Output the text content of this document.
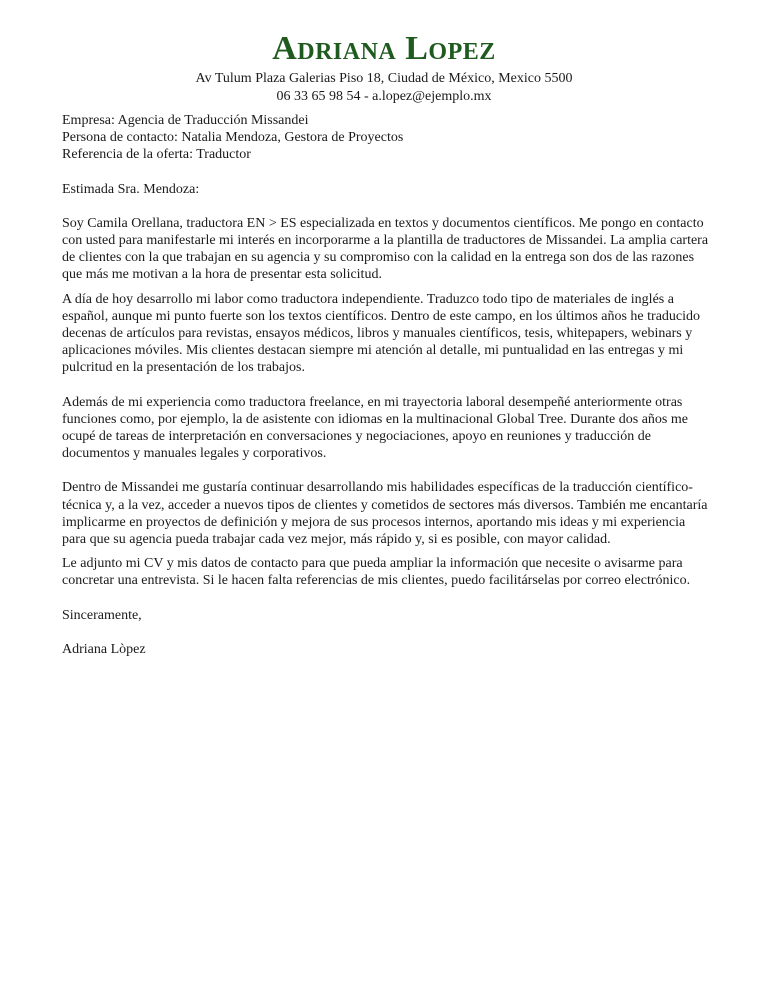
Adriana Lopez

Av Tulum Plaza Galerias Piso 18, Ciudad de México, Mexico 5500

06 33 65 98 54 - a.lopez@ejemplo.mx

Empresa: Agencia de Traducción Missandei

Persona de contacto: Natalia Mendoza, Gestora de Proyectos

Referencia de la oferta: Traductor

Estimada Sra. Mendoza:

Soy Camila Orellana, traductora EN > ES especializada en textos y documentos científicos. Me pongo en contacto con usted para manifestarle mi interés en incorporarme a la plantilla de traductores de Missandei. La amplia cartera de clientes con la que trabajan en su agencia y su compromiso con la calidad en la entrega son dos de las razones que más me motivan a la hora de presentar esta solicitud.

A día de hoy desarrollo mi labor como traductora independiente. Traduzco todo tipo de materiales de inglés a español, aunque mi punto fuerte son los textos científicos. Dentro de este campo, en los últimos años he traducido decenas de artículos para revistas, ensayos médicos, libros y manuales científicos, tesis, whitepapers, webinars y aplicaciones móviles. Mis clientes destacan siempre mi atención al detalle, mi puntualidad en las entregas y mi pulcritud en la presentación de los trabajos.

Además de mi experiencia como traductora freelance, en mi trayectoria laboral desempeñé anteriormente otras funciones como, por ejemplo, la de asistente con idiomas en la multinacional Global Tree. Durante dos años me ocupé de tareas de interpretación en conversaciones y negociaciones, apoyo en reuniones y traducción de documentos y manuales legales y corporativos.

Dentro de Missandei me gustaría continuar desarrollando mis habilidades específicas de la traducción científico-técnica y, a la vez, acceder a nuevos tipos de clientes y cometidos de sectores más diversos. También me encantaría implicarme en proyectos de definición y mejora de sus procesos internos, aportando mis ideas y mi experiencia para que su agencia pueda trabajar cada vez mejor, más rápido y, si es posible, con mayor calidad.

Le adjunto mi CV y mis datos de contacto para que pueda ampliar la información que necesite o avisarme para concretar una entrevista. Si le hacen falta referencias de mis clientes, puedo facilitárselas por correo electrónico.

Sinceramente,

Adriana Lòpez
